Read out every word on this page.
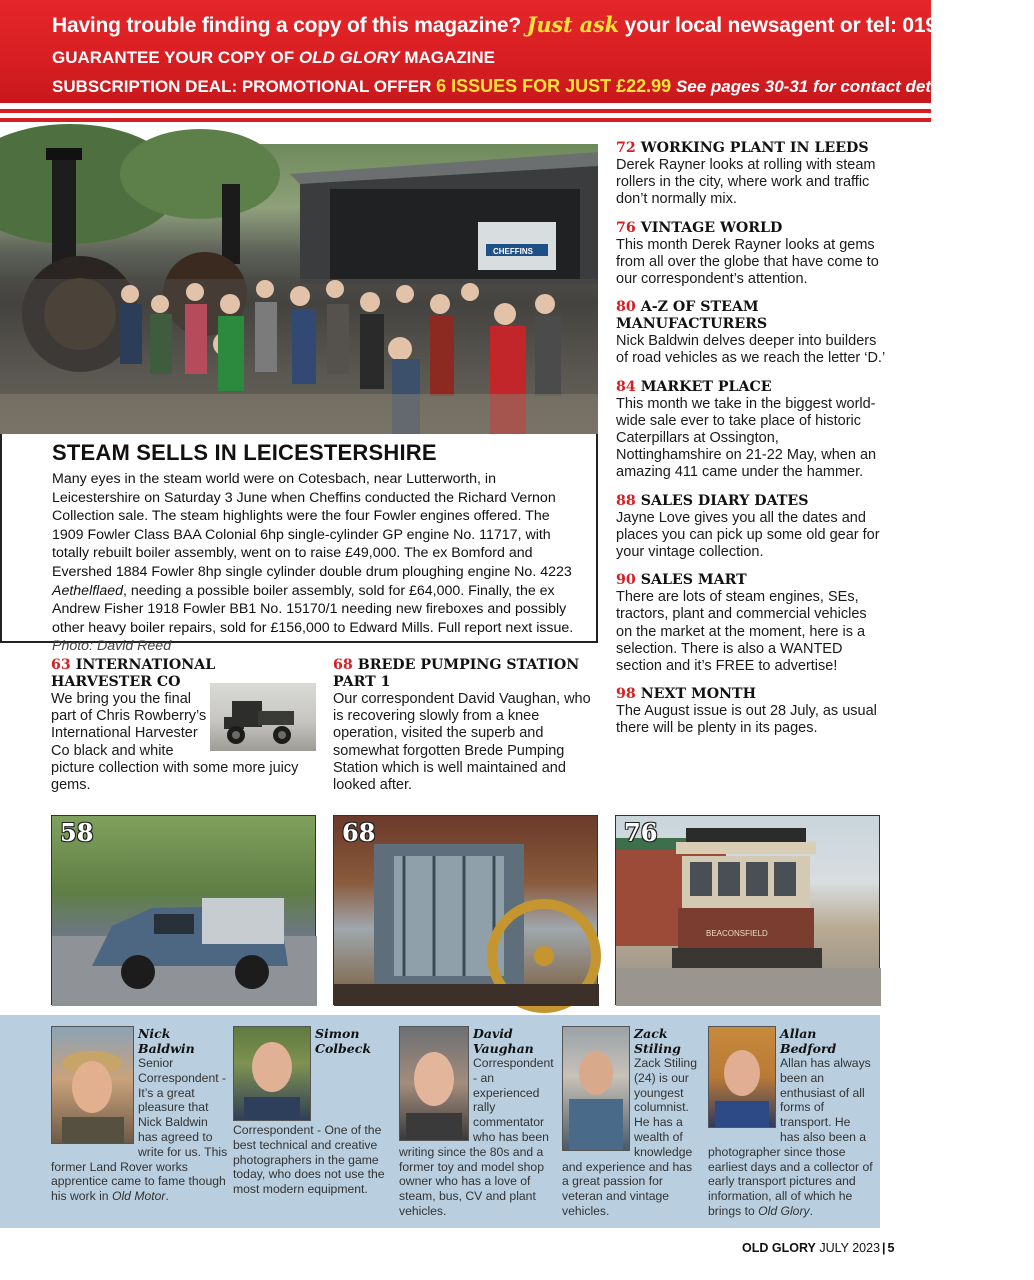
Having trouble finding a copy of this magazine? Just ask your local newsagent or tel: 01959 541444
GUARANTEE YOUR COPY OF OLD GLORY MAGAZINE
SUBSCRIPTION DEAL: PROMOTIONAL OFFER 6 ISSUES FOR JUST £22.99 See pages 30-31 for contact details
CHEFFINS
STEAM SELLS IN LEICESTERSHIRE
Many eyes in the steam world were on Cotesbach, near Lutterworth, in Leicestershire on Saturday 3 June when Cheffins conducted the Richard Vernon Collection sale. The steam highlights were the four Fowler engines offered. The 1909 Fowler Class BAA Colonial 6hp single-cylinder GP engine No. 11717, with totally rebuilt boiler assembly, went on to raise £49,000. The ex Bomford and Evershed 1884 Fowler 8hp single cylinder double drum ploughing engine No. 4223 Aethelflaed, needing a possible boiler assembly, sold for £64,000. Finally, the ex Andrew Fisher 1918 Fowler BB1 No. 15170/1 needing new fireboxes and possibly other heavy boiler repairs, sold for £156,000 to Edward Mills. Full report next issue. Photo: David Reed
72 WORKING PLANT IN LEEDS
Derek Rayner looks at rolling with steam rollers in the city, where work and traffic don’t normally mix.
76 VINTAGE WORLD
This month Derek Rayner looks at gems from all over the globe that have come to our correspondent’s attention.
80 A-Z OF STEAM MANUFACTURERS
Nick Baldwin delves deeper into builders of road vehicles as we reach the letter ‘D.’
84 MARKET PLACE
This month we take in the biggest world-wide sale ever to take place of historic Caterpillars at Ossington, Nottinghamshire on 21-22 May, when an amazing 411 came under the hammer.
88 SALES DIARY DATES
Jayne Love gives you all the dates and places you can pick up some old gear for your vintage collection.
90 SALES MART
There are lots of steam engines, SEs, tractors, plant and commercial vehicles on the market at the moment, here is a selection. There is also a WANTED section and it’s FREE to advertise!
98 NEXT MONTH
The August issue is out 28 July, as usual there will be plenty in its pages.
63 INTERNATIONAL HARVESTER CO
We bring you the final part of Chris Rowberry’s International Harvester Co black and white picture collection with some more juicy gems.
68 BREDE PUMPING STATION PART 1
Our correspondent David Vaughan, who is recovering slowly from a knee operation, visited the superb and somewhat forgotten Brede Pumping Station which is well maintained and looked after.
58	68
BEACONSFIELD
76
Nick Baldwin
Senior Correspondent - It’s a great pleasure that Nick Baldwin has agreed to write for us. This former Land Rover works apprentice came to fame though his work in Old Motor.
Simon Colbeck
Correspondent - One of the best technical and creative photographers in the game today, who does not use the most modern equipment.
David Vaughan
Correspondent - an experienced rally commentator who has been writing since the 80s and a former toy and model shop owner who has a love of steam, bus, CV and plant vehicles.
Zack Stiling
Zack Stiling (24) is our youngest columnist. He has a wealth of knowledge and experience and has a great passion for veteran and vintage vehicles.
Allan Bedford
Allan has always been an enthusiast of all forms of transport. He has also been a photographer since those earliest days and a collector of early transport pictures and information, all of which he brings to Old Glory.
OLD GLORY JULY 2023 | 5
